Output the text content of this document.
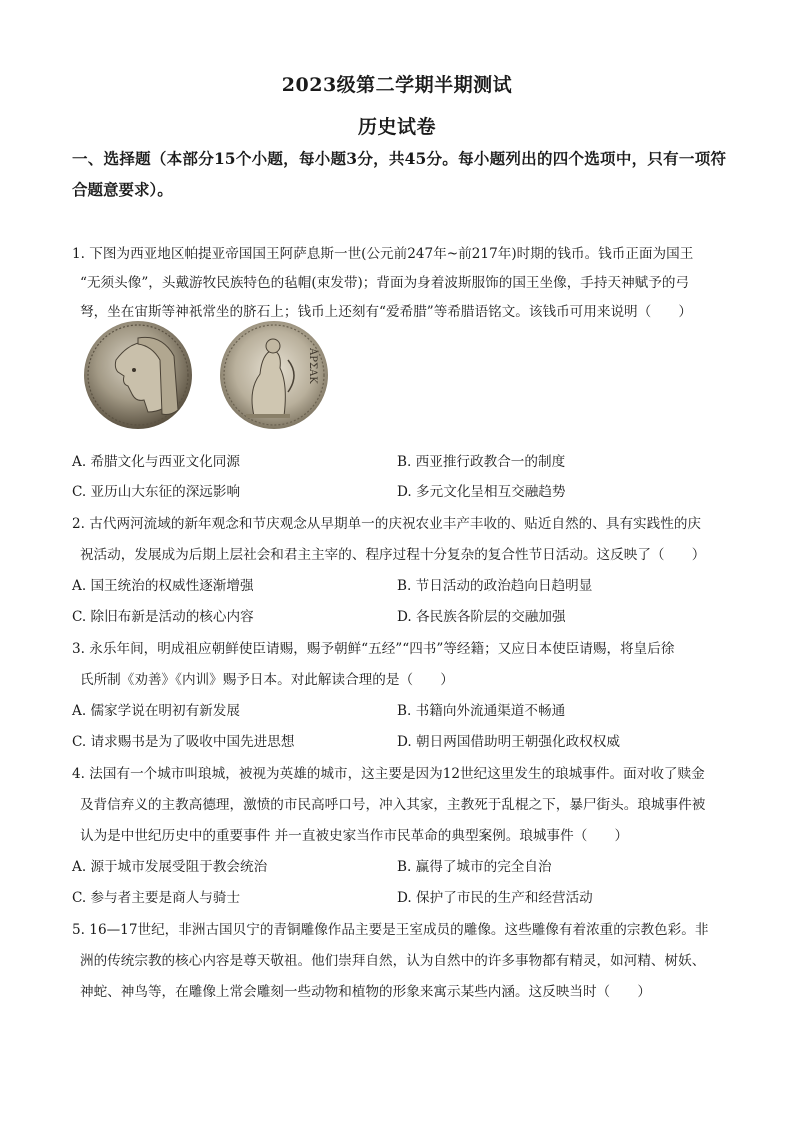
2023级第二学期半期测试
历史试卷
一、选择题（本部分15个小题，每小题3分，共45分。每小题列出的四个选项中，只有一项符合题意要求）。
1. 下图为西亚地区帕提亚帝国国王阿萨息斯一世(公元前247年~前217年)时期的钱币。钱币正面为国王
“无须头像”，头戴游牧民族特色的毡帽(束发带)；背面为身着波斯服饰的国王坐像，手持天神赋予的弓
弩，坐在宙斯等神祇常坐的脐石上；钱币上还刻有“爱希腊”等希腊语铭文。该钱币可用来说明（　　）
ΑΡΣΑΚ
A. 希腊文化与西亚文化同源	B. 西亚推行政教合一的制度
C. 亚历山大东征的深远影响	D. 多元文化呈相互交融趋势
2. 古代两河流域的新年观念和节庆观念从早期单一的庆祝农业丰产丰收的、贴近自然的、具有实践性的庆
祝活动，发展成为后期上层社会和君主主宰的、程序过程十分复杂的复合性节日活动。这反映了（　　）
A. 国王统治的权威性逐渐增强	B. 节日活动的政治趋向日趋明显
C. 除旧布新是活动的核心内容	D. 各民族各阶层的交融加强
3. 永乐年间，明成祖应朝鲜使臣请赐，赐予朝鲜“五经”“四书”等经籍；又应日本使臣请赐，将皇后徐
氏所制《劝善》《内训》赐予日本。对此解读合理的是（　　）
A. 儒家学说在明初有新发展	B. 书籍向外流通渠道不畅通
C. 请求赐书是为了吸收中国先进思想	D. 朝日两国借助明王朝强化政权权威
4. 法国有一个城市叫琅城，被视为英雄的城市，这主要是因为12世纪这里发生的琅城事件。面对收了赎金
及背信弃义的主教高德理，激愤的市民高呼口号，冲入其家，主教死于乱棍之下，暴尸街头。琅城事件被
认为是中世纪历史中的重要事件 并一直被史家当作市民革命的典型案例。琅城事件（　　）
A. 源于城市发展受阻于教会统治	B. 赢得了城市的完全自治
C. 参与者主要是商人与骑士	D. 保护了市民的生产和经营活动
5. 16—17世纪，非洲古国贝宁的青铜雕像作品主要是王室成员的雕像。这些雕像有着浓重的宗教色彩。非
洲的传统宗教的核心内容是尊天敬祖。他们崇拜自然，认为自然中的许多事物都有精灵，如河精、树妖、
神蛇、神鸟等，在雕像上常会雕刻一些动物和植物的形象来寓示某些内涵。这反映当时（　　）
